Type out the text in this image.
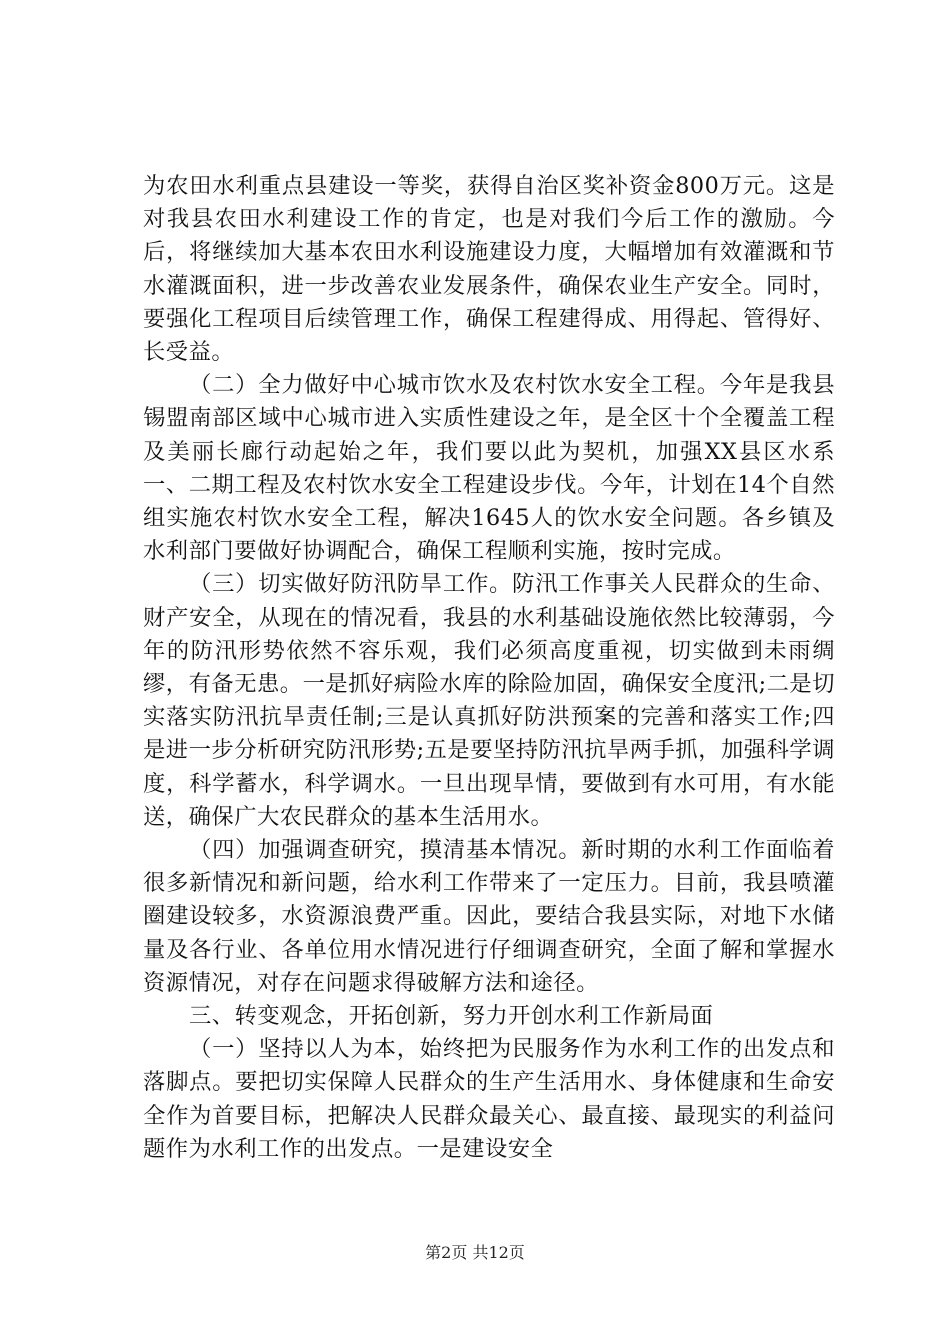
为农田水利重点县建设一等奖，获得自治区奖补资金800万元。这是对我县农田水利建设工作的肯定，也是对我们今后工作的激励。今后，将继续加大基本农田水利设施建设力度，大幅增加有效灌溉和节水灌溉面积，进一步改善农业发展条件，确保农业生产安全。同时，要强化工程项目后续管理工作，确保工程建得成、用得起、管得好、长受益。

（二）全力做好中心城市饮水及农村饮水安全工程。今年是我县锡盟南部区域中心城市进入实质性建设之年，是全区十个全覆盖工程及美丽长廊行动起始之年，我们要以此为契机，加强XX县区水系一、二期工程及农村饮水安全工程建设步伐。今年，计划在14个自然组实施农村饮水安全工程，解决1645人的饮水安全问题。各乡镇及水利部门要做好协调配合，确保工程顺利实施，按时完成。

（三）切实做好防汛防旱工作。防汛工作事关人民群众的生命、财产安全，从现在的情况看，我县的水利基础设施依然比较薄弱，今年的防汛形势依然不容乐观，我们必须高度重视，切实做到未雨绸缪，有备无患。一是抓好病险水库的除险加固，确保安全度汛;二是切实落实防汛抗旱责任制;三是认真抓好防洪预案的完善和落实工作;四是进一步分析研究防汛形势;五是要坚持防汛抗旱两手抓，加强科学调度，科学蓄水，科学调水。一旦出现旱情，要做到有水可用，有水能送，确保广大农民群众的基本生活用水。

（四）加强调查研究，摸清基本情况。新时期的水利工作面临着很多新情况和新问题，给水利工作带来了一定压力。目前，我县喷灌圈建设较多，水资源浪费严重。因此，要结合我县实际，对地下水储量及各行业、各单位用水情况进行仔细调查研究，全面了解和掌握水资源情况，对存在问题求得破解方法和途径。

三、转变观念，开拓创新，努力开创水利工作新局面

（一）坚持以人为本，始终把为民服务作为水利工作的出发点和落脚点。要把切实保障人民群众的生产生活用水、身体健康和生命安全作为首要目标，把解决人民群众最关心、最直接、最现实的利益问题作为水利工作的出发点。一是建设安全

第2页 共12页
